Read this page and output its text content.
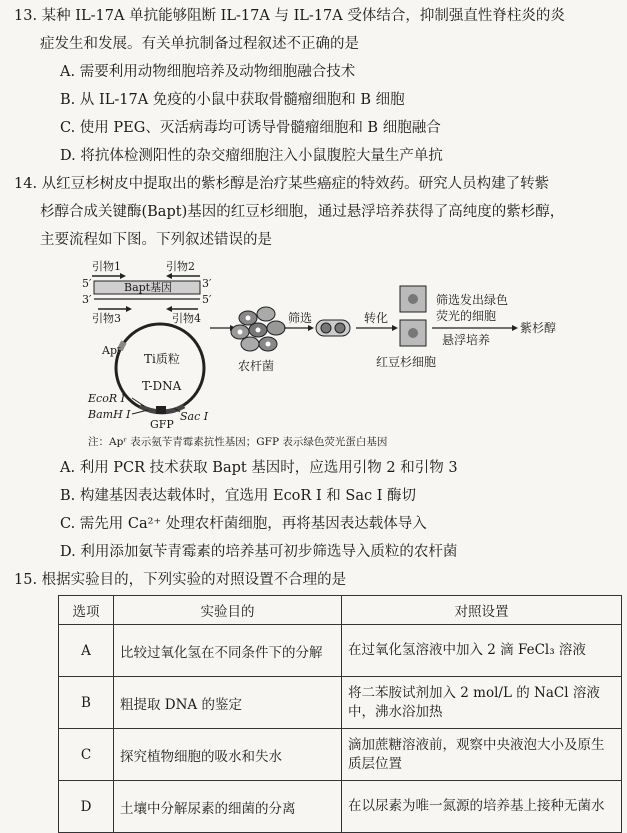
13. 某种 IL-17A 单抗能够阻断 IL-17A 与 IL-17A 受体结合，抑制强直性脊柱炎的炎
症发生和发展。有关单抗制备过程叙述不正确的是
A. 需要利用动物细胞培养及动物细胞融合技术
B. 从 IL-17A 免疫的小鼠中获取骨髓瘤细胞和 B 细胞
C. 使用 PEG、灭活病毒均可诱导骨髓瘤细胞和 B 细胞融合
D. 将抗体检测阳性的杂交瘤细胞注入小鼠腹腔大量生产单抗
14. 从红豆杉树皮中提取出的紫杉醇是治疗某些癌症的特效药。研究人员构建了转紫
杉醇合成关键酶(Bapt)基因的红豆杉细胞，通过悬浮培养获得了高纯度的紫杉醇，
主要流程如下图。下列叙述错误的是
引物1	引物2
5′	3′
Bapt基因
3′	5′
引物3	引物4
Apʳ
Ti质粒
T-DNA
EcoR Ⅰ
BamH Ⅰ
GFP
Sac Ⅰ
农杆菌
筛选	转化
红豆杉细胞
筛选发出绿色
荧光的细胞
悬浮培养
紫杉醇
注：Apʳ 表示氨苄青霉素抗性基因；GFP 表示绿色荧光蛋白基因
A. 利用 PCR 技术获取 Bapt 基因时，应选用引物 2 和引物 3
B. 构建基因表达载体时，宜选用 EcoR Ⅰ 和 Sac Ⅰ 酶切
C. 需先用 Ca²⁺ 处理农杆菌细胞，再将基因表达载体导入
D. 利用添加氨苄青霉素的培养基可初步筛选导入质粒的农杆菌
15. 根据实验目的，下列实验的对照设置不合理的是
选项	实验目的	对照设置
A	比较过氧化氢在不同条件下的分解	在过氧化氢溶液中加入 2 滴 FeCl₃ 溶液
B	粗提取 DNA 的鉴定	将二苯胺试剂加入 2 mol/L 的 NaCl 溶液中，沸水浴加热
C	探究植物细胞的吸水和失水	滴加蔗糖溶液前，观察中央液泡大小及原生质层位置
D	土壤中分解尿素的细菌的分离	在以尿素为唯一氮源的培养基上接种无菌水
